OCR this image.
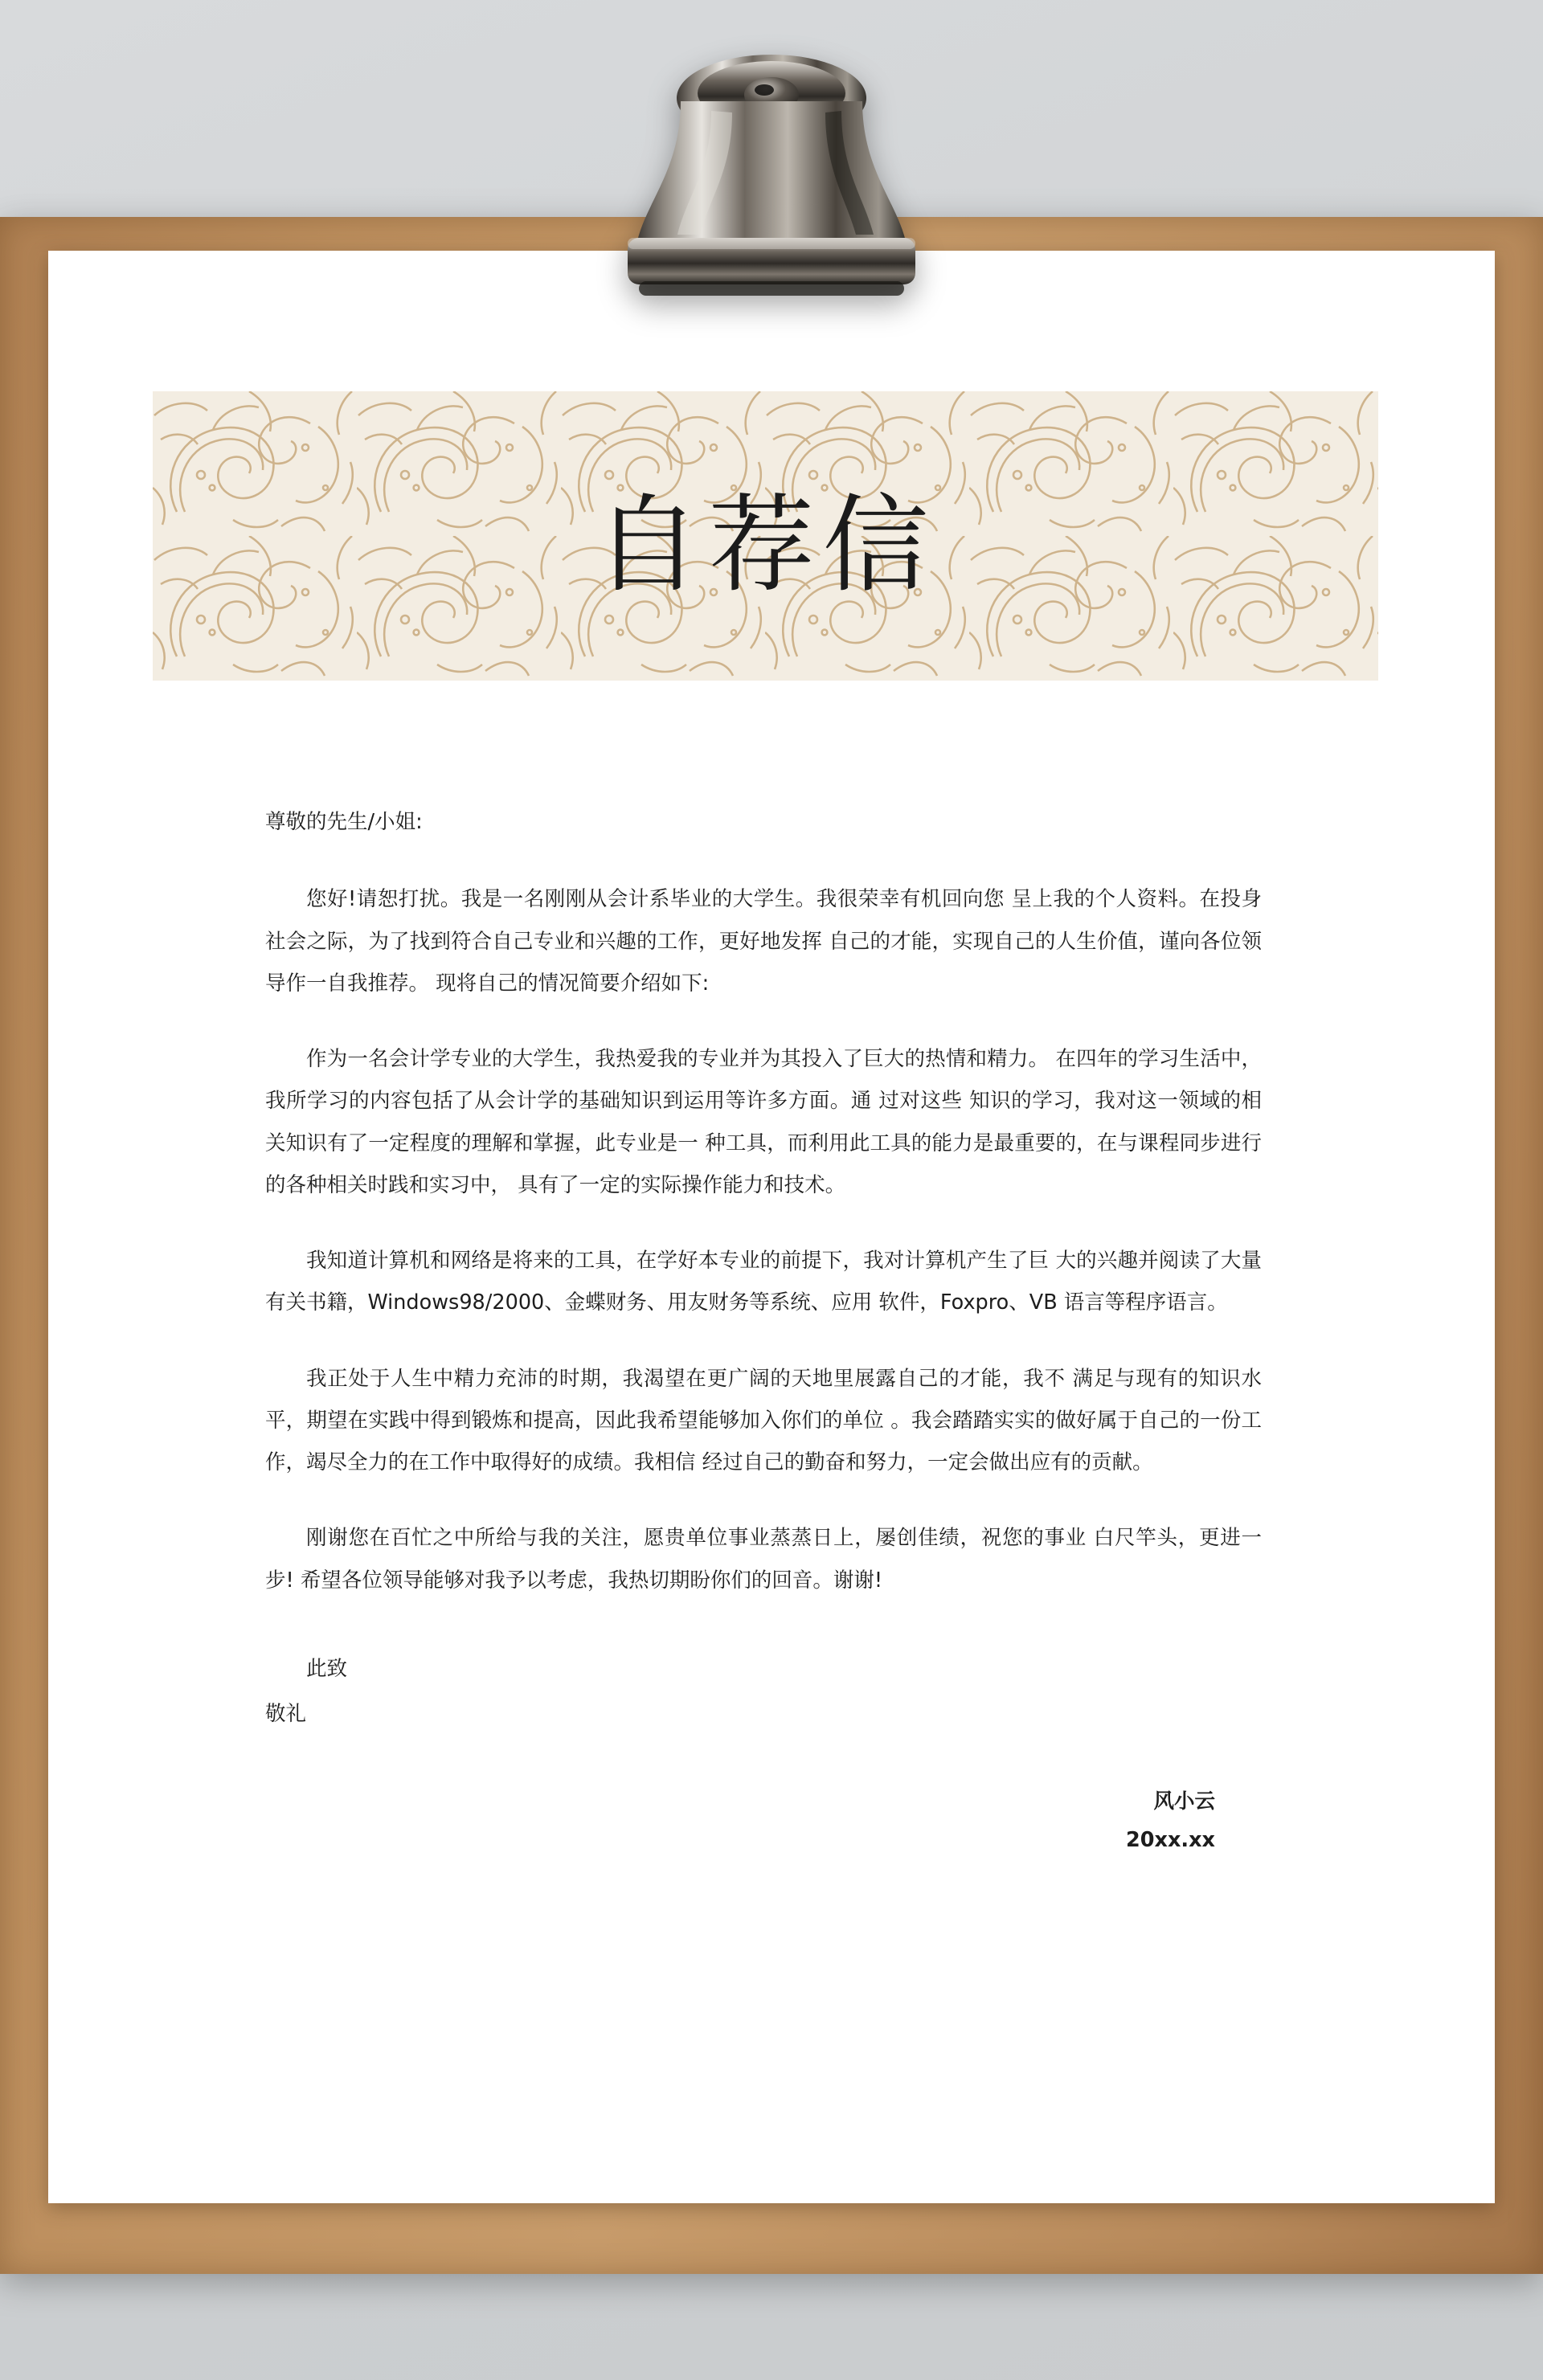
自荐信
尊敬的先生/小姐:

您好!请恕打扰。我是一名刚刚从会计系毕业的大学生。我很荣幸有机回向您 呈上我的个人资料。在投身社会之际，为了找到符合自己专业和兴趣的工作，更好地发挥 自己的才能，实现自己的人生价值，谨向各位领导作一自我推荐。 现将自己的情况简要介绍如下:

作为一名会计学专业的大学生，我热爱我的专业并为其投入了巨大的热情和精力。 在四年的学习生活中，我所学习的内容包括了从会计学的基础知识到运用等许多方面。通 过对这些 知识的学习，我对这一领域的相关知识有了一定程度的理解和掌握，此专业是一 种工具，而利用此工具的能力是最重要的，在与课程同步进行的各种相关时践和实习中， 具有了一定的实际操作能力和技术。

我知道计算机和网络是将来的工具，在学好本专业的前提下，我对计算机产生了巨 大的兴趣并阅读了大量有关书籍，Windows98/2000、金蝶财务、用友财务等系统、应用 软件，Foxpro、VB 语言等程序语言。

我正处于人生中精力充沛的时期，我渴望在更广阔的天地里展露自己的才能，我不 满足与现有的知识水平，期望在实践中得到锻炼和提高，因此我希望能够加入你们的单位 。我会踏踏实实的做好属于自己的一份工作，竭尽全力的在工作中取得好的成绩。我相信 经过自己的勤奋和努力，一定会做出应有的贡献。

刚谢您在百忙之中所给与我的关注，愿贵单位事业蒸蒸日上，屡创佳绩，祝您的事业 白尺竿头，更进一步! 希望各位领导能够对我予以考虑，我热切期盼你们的回音。谢谢!

此致
敬礼
风小云
20xx.xx
